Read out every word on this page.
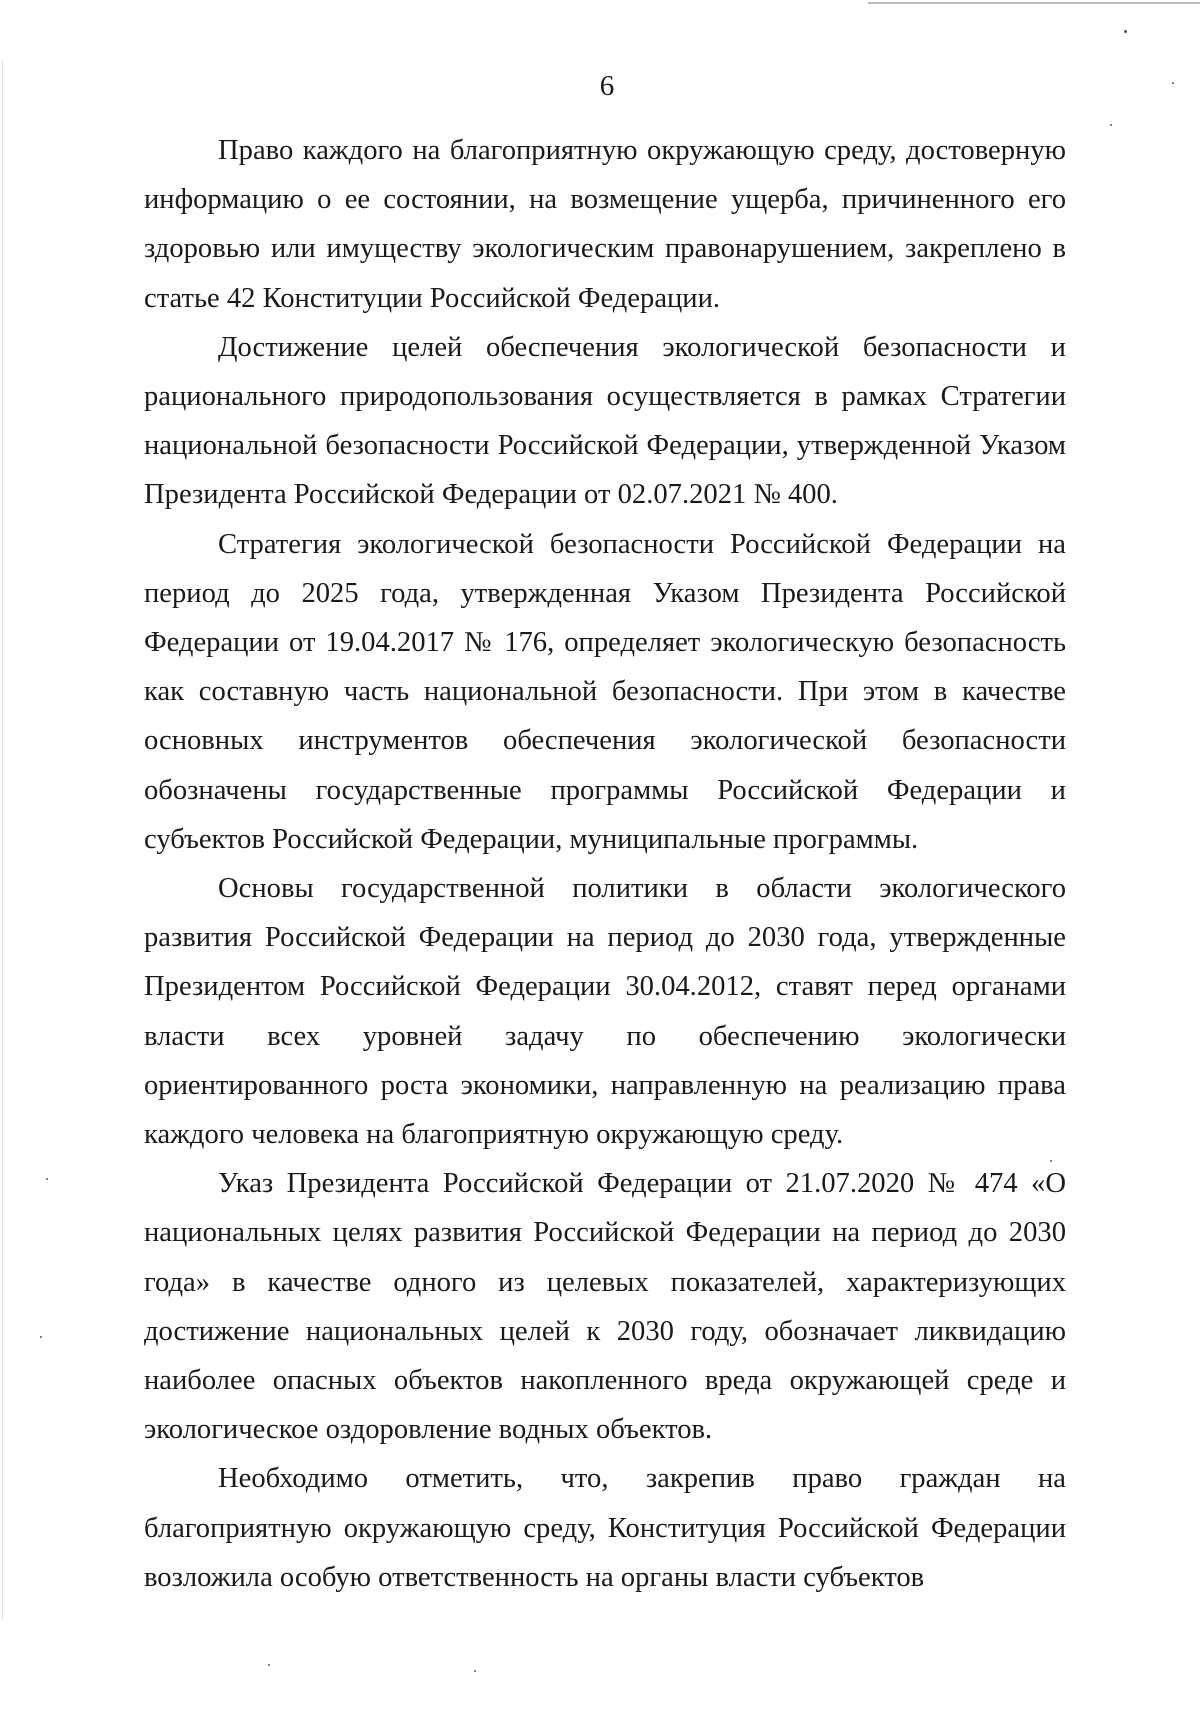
6

Право каждого на благоприятную окружающую среду, достоверную информацию о ее состоянии, на возмещение ущерба, причиненного его здоровью или имуществу экологическим правонарушением, закреплено в статье 42 Конституции Российской Федерации.

Достижение целей обеспечения экологической безопасности и рационального природопользования осуществляется в рамках Стратегии национальной безопасности Российской Федерации, утвержденной Указом Президента Российской Федерации от 02.07.2021 № 400.

Стратегия экологической безопасности Российской Федерации на период до 2025 года, утвержденная Указом Президента Российской Федерации от 19.04.2017 № 176, определяет экологическую безопасность как составную часть национальной безопасности. При этом в качестве основных инструментов обеспечения экологической безопасности обозначены государственные программы Российской Федерации и субъектов Российской Федерации, муниципальные программы.

Основы государственной политики в области экологического развития Российской Федерации на период до 2030 года, утвержденные Президентом Российской Федерации 30.04.2012, ставят перед органами власти всех уровней задачу по обеспечению экологически ориентированного роста экономики, направленную на реализацию права каждого человека на благоприятную окружающую среду.

Указ Президента Российской Федерации от 21.07.2020 № 474 «О национальных целях развития Российской Федерации на период до 2030 года» в качестве одного из целевых показателей, характеризующих достижение национальных целей к 2030 году, обозначает ликвидацию наиболее опасных объектов накопленного вреда окружающей среде и экологическое оздоровление водных объектов.

Необходимо отметить, что, закрепив право граждан на благоприятную окружающую среду, Конституция Российской Федерации возложила особую ответственность на органы власти субъектов
